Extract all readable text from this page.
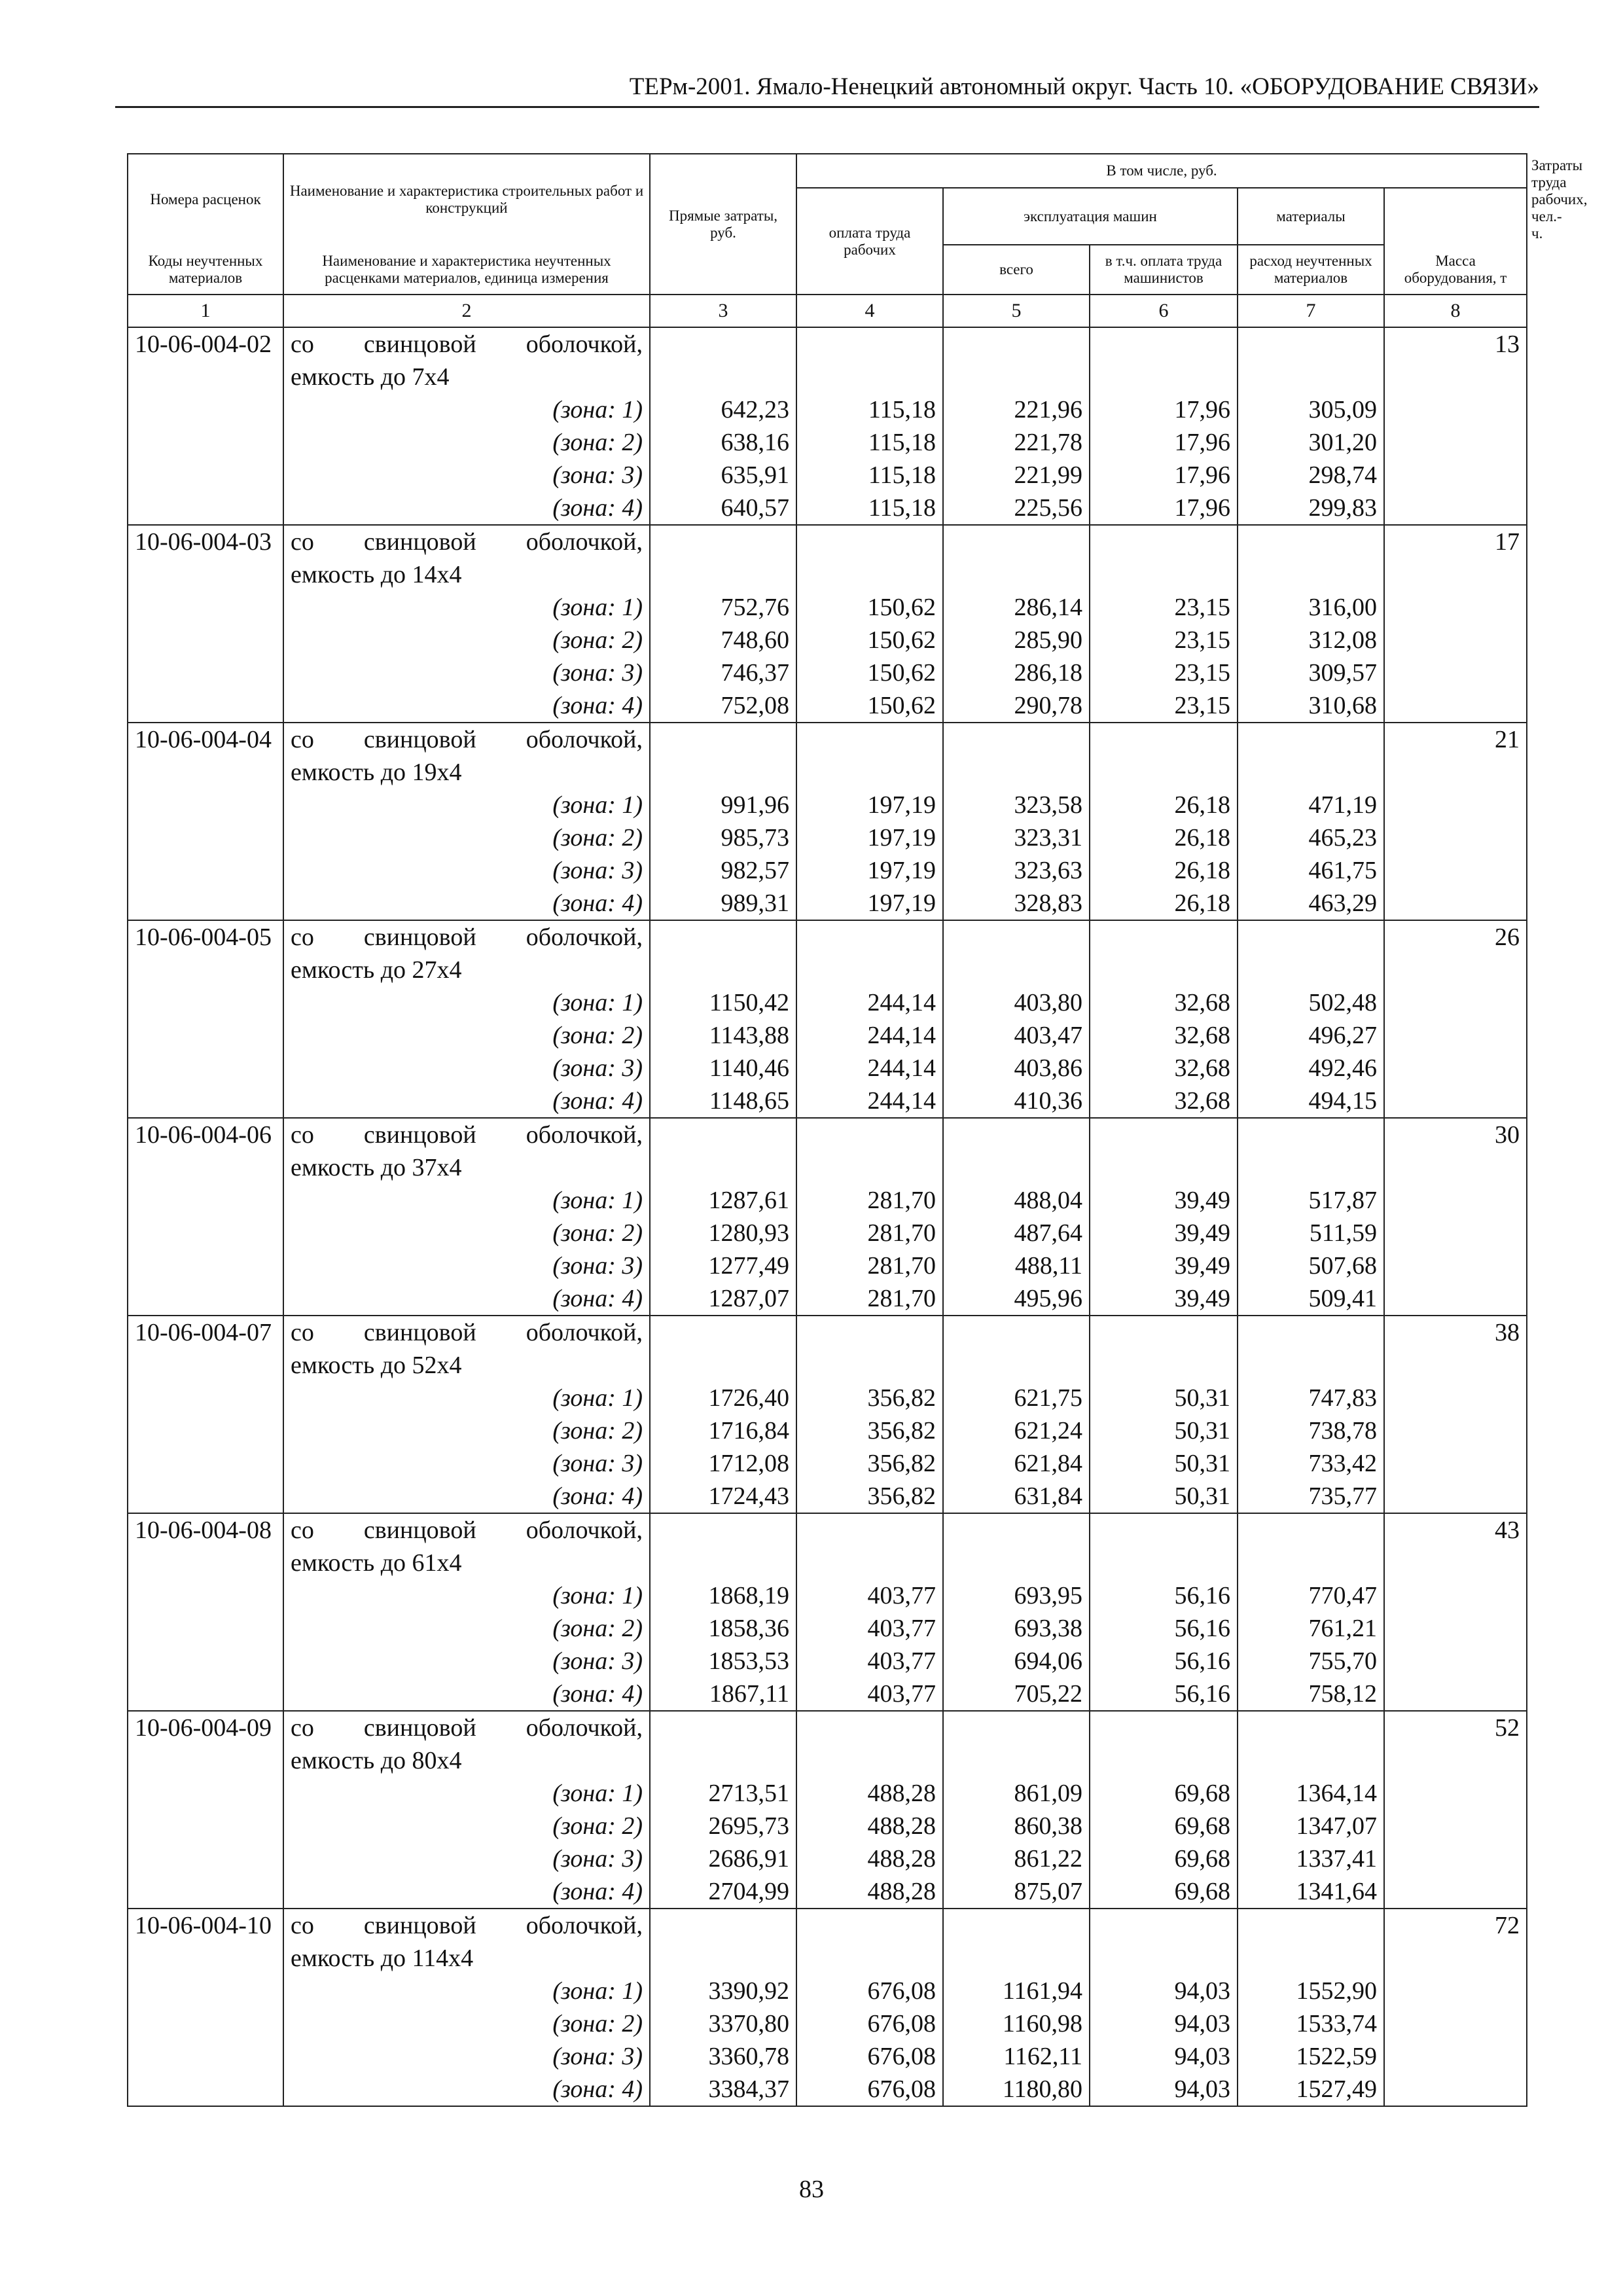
ТЕРм-2001. Ямало-Ненецкий автономный округ. Часть 10. «ОБОРУДОВАНИЕ СВЯЗИ»
Номера расценок	Наименование и характеристика строительных работ и конструкций	Прямые затраты, руб.	В том числе, руб.					Затраты труда рабочих, чел.-ч.
			оплата труда рабочих	эксплуатация машин		материалы		
Коды неучтенных материалов	Наименование и характеристика неучтенных расценками материалов, единица измерения			всего	в т.ч. оплата труда машинистов	расход неучтенных материалов	Масса оборудования, т	

1	2	3	4	5	6	7	8	
10-06-004-02	со свинцовой оболочкой, емкость до 7х4						13	
	(зона: 1)	642,23	115,18	221,96	17,96	305,09		
	(зона: 2)	638,16	115,18	221,78	17,96	301,20		
	(зона: 3)	635,91	115,18	221,99	17,96	298,74		
	(зона: 4)	640,57	115,18	225,56	17,96	299,83		
10-06-004-03	со свинцовой оболочкой, емкость до 14х4						17	
	(зона: 1)	752,76	150,62	286,14	23,15	316,00		
	(зона: 2)	748,60	150,62	285,90	23,15	312,08		
	(зона: 3)	746,37	150,62	286,18	23,15	309,57		
	(зона: 4)	752,08	150,62	290,78	23,15	310,68		
10-06-004-04	со свинцовой оболочкой, емкость до 19х4						21	
	(зона: 1)	991,96	197,19	323,58	26,18	471,19		
	(зона: 2)	985,73	197,19	323,31	26,18	465,23		
	(зона: 3)	982,57	197,19	323,63	26,18	461,75		
	(зона: 4)	989,31	197,19	328,83	26,18	463,29		
10-06-004-05	со свинцовой оболочкой, емкость до 27х4						26	
	(зона: 1)	1150,42	244,14	403,80	32,68	502,48		
	(зона: 2)	1143,88	244,14	403,47	32,68	496,27		
	(зона: 3)	1140,46	244,14	403,86	32,68	492,46		
	(зона: 4)	1148,65	244,14	410,36	32,68	494,15		
10-06-004-06	со свинцовой оболочкой, емкость до 37х4						30	
	(зона: 1)	1287,61	281,70	488,04	39,49	517,87		
	(зона: 2)	1280,93	281,70	487,64	39,49	511,59		
	(зона: 3)	1277,49	281,70	488,11	39,49	507,68		
	(зона: 4)	1287,07	281,70	495,96	39,49	509,41		
10-06-004-07	со свинцовой оболочкой, емкость до 52х4						38	
	(зона: 1)	1726,40	356,82	621,75	50,31	747,83		
	(зона: 2)	1716,84	356,82	621,24	50,31	738,78		
	(зона: 3)	1712,08	356,82	621,84	50,31	733,42		
	(зона: 4)	1724,43	356,82	631,84	50,31	735,77		
10-06-004-08	со свинцовой оболочкой, емкость до 61х4						43	
	(зона: 1)	1868,19	403,77	693,95	56,16	770,47		
	(зона: 2)	1858,36	403,77	693,38	56,16	761,21		
	(зона: 3)	1853,53	403,77	694,06	56,16	755,70		
	(зона: 4)	1867,11	403,77	705,22	56,16	758,12		
10-06-004-09	со свинцовой оболочкой, емкость до 80х4						52	
	(зона: 1)	2713,51	488,28	861,09	69,68	1364,14		
	(зона: 2)	2695,73	488,28	860,38	69,68	1347,07		
	(зона: 3)	2686,91	488,28	861,22	69,68	1337,41		
	(зона: 4)	2704,99	488,28	875,07	69,68	1341,64		
10-06-004-10	со свинцовой оболочкой, емкость до 114х4						72	
	(зона: 1)	3390,92	676,08	1161,94	94,03	1552,90		
	(зона: 2)	3370,80	676,08	1160,98	94,03	1533,74		
	(зона: 3)	3360,78	676,08	1162,11	94,03	1522,59		
	(зона: 4)	3384,37	676,08	1180,80	94,03	1527,49		
83
